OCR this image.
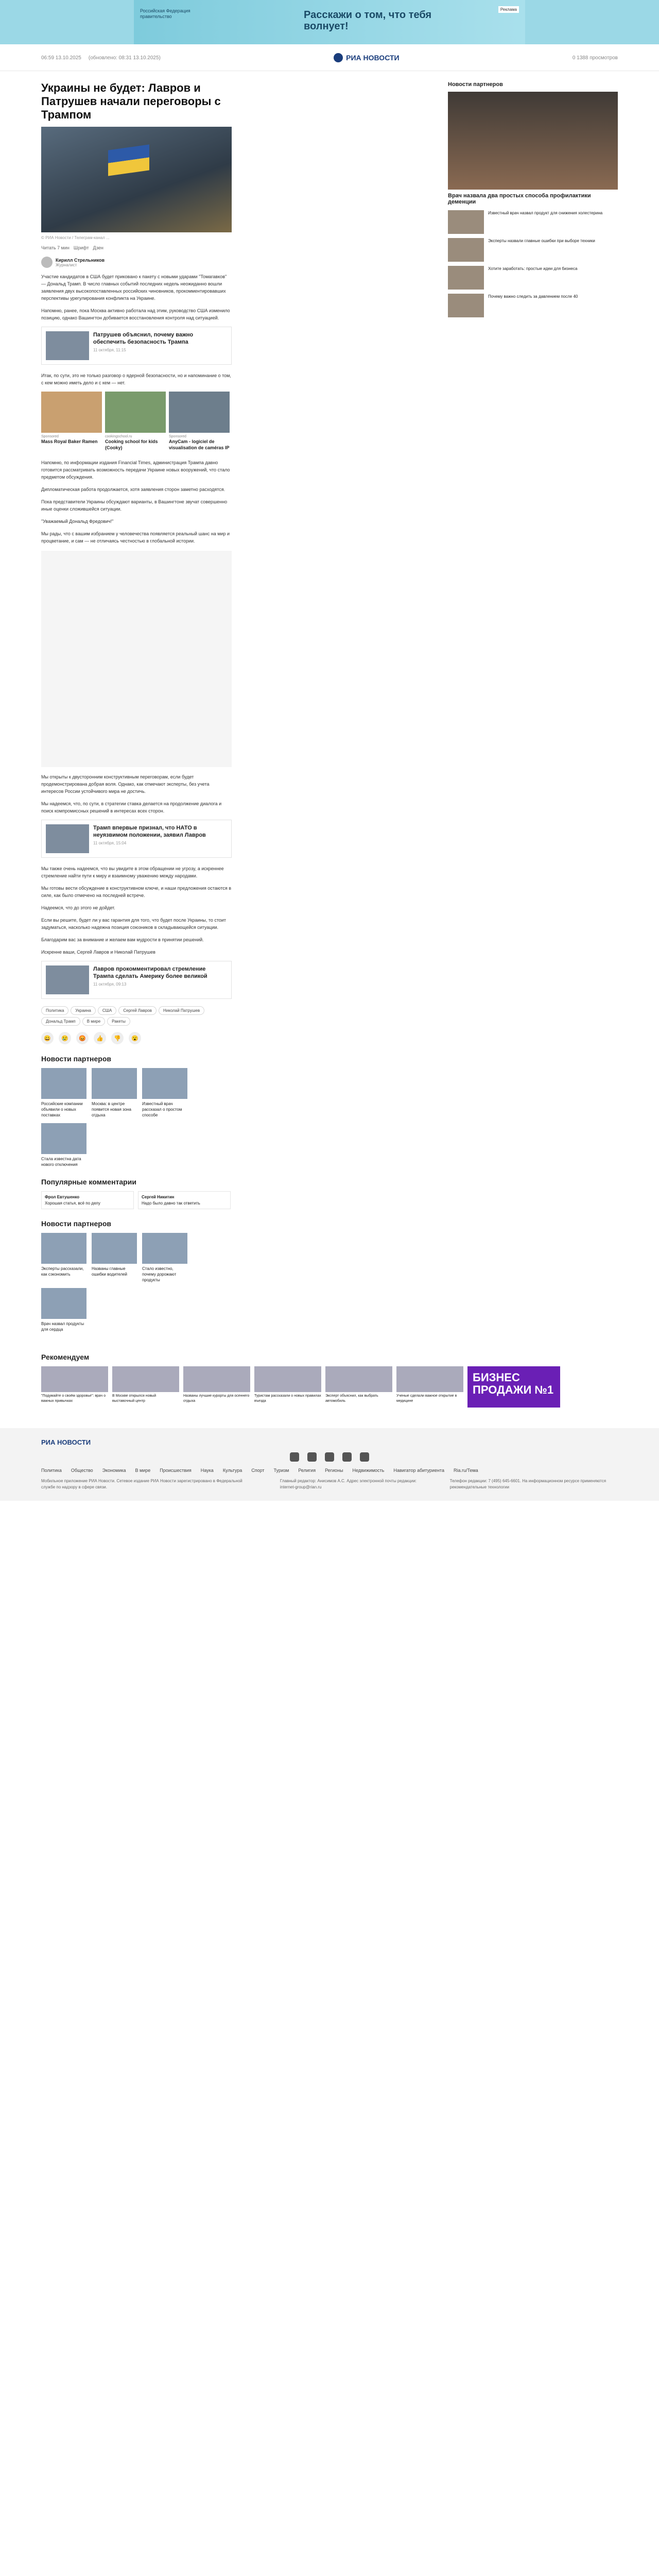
Российская Федерация правительство	Расскажи о том, что тебя волнует!
Реклама
06:59 13.10.2025 (обновлено: 08:31 13.10.2025)	РИА НОВОСТИ	0 1388 просмотров
Украины не будет: Лавров и Патрушев начали переговоры с Трампом
© РИА Новости / Телеграм-канал ...
Читать 7 мин Шрифт Дзен
Кирилл Стрельников
Журналист

Участие кандидатов в США будет приковано к пакету с новыми ударами "Томагавков" — Дональд Трамп. В число главных событий последних недель неожиданно вошли заявления двух высокопоставленных российских чиновников, прокомментировавших перспективы урегулирования конфликта на Украине.

Напомню, ранее, пока Москва активно работала над этим, руководство США изменило позицию, однако Вашингтон добивается восстановления контроля над ситуацией.

Патрушев объяснил, почему важно обеспечить безопасность Трампа
11 октября, 11:15

Итак, по сути, это не только разговор о ядерной безопасности, но и напоминание о том, с кем можно иметь дело и с кем — нет.

Sponsored
Mass Royal Baker Ramen
cookingschool.ru
Cooking school for kids (Cooky)
Sponsored
AnyCam - logiciel de visualisation de caméras IP

Напомню, по информации издания Financial Times, администрация Трампа давно готовится рассматривать возможность передачи Украине новых вооружений, что стало предметом обсуждения.

Дипломатическая работа продолжается, хотя заявления сторон заметно расходятся.

Пока представители Украины обсуждают варианты, в Вашингтоне звучат совершенно иные оценки сложившейся ситуации.

"Уважаемый Дональд Фредович!"

Мы рады, что с вашим избранием у человечества появляется реальный шанс на мир и процветание, и сам — не отличаясь честностью в глобальной истории.

Мы открыты к двусторонним конструктивным переговорам, если будет продемонстрирована добрая воля. Однако, как отмечают эксперты, без учета интересов России устойчивого мира не достичь.

Мы надеемся, что, по сути, в стратегии ставка делается на продолжение диалога и поиск компромиссных решений в интересах всех сторон.

Трамп впервые признал, что НАТО в неуязвимом положении, заявил Лавров
11 октября, 15:04

Мы также очень надеемся, что вы увидите в этом обращении не угрозу, а искреннее стремление найти пути к миру и взаимному уважению между народами.

Мы готовы вести обсуждение в конструктивном ключе, и наши предложения остаются в силе, как было отмечено на последней встрече.

Надеемся, что до этого не дойдет.

Если вы решите, будет ли у вас гарантия для того, что будет после Украины, то стоит задуматься, насколько надежна позиция союзников в складывающейся ситуации.

Благодарим вас за внимание и желаем вам мудрости в принятии решений.

Искренне ваши, Сергей Лавров и Николай Патрушев

Лавров прокомментировал стремление Трампа сделать Америку более великой
11 октября, 09:13
Политика	Украина	США	Сергей Лавров	Николай Патрушев
Дональд Трамп	В мире	Ракеты
😀	😢	😡	👍	👎	😮
Новости партнеров
Российские компании объявили о новых поставках
Москва: в центре появится новая зона отдыха
Известный врач рассказал о простом способе
Стала известна дата нового отключения
Популярные комментарии
Фрол Евтушенко
Хорошая статья, всё по делу
Сергей Никитин
Надо было давно так ответить
Новости партнеров
Эксперты рассказали, как сэкономить
Названы главные ошибки водителей
Стало известно, почему дорожают продукты
Врач назвал продукты для сердца
Новости партнеров
Врач назвала два простых способа профилактики деменции
Известный врач назвал продукт для снижения холестерина
Эксперты назвали главные ошибки при выборе техники
Хотите заработать: простые идеи для бизнеса
Почему важно следить за давлением после 40
Рекомендуем
"Подумайте о своём здоровье": врач о важных привычках
В Москве открылся новый выставочный центр
Названы лучшие курорты для осеннего отдыха
Туристам рассказали о новых правилах въезда
Эксперт объяснил, как выбрать автомобиль
Ученые сделали важное открытие в медицине
БИЗНЕС ПРОДАЖИ №1
РИА НОВОСТИ
Политика Общество Экономика В мире Происшествия Наука Культура Спорт Туризм Религия Регионы Недвижимость Навигатор абитуриента Ria.ru/Тема
Мобильное приложение РИА Новости. Сетевое издание РИА Новости зарегистрировано в Федеральной службе по надзору в сфере связи.
Главный редактор: Анисимов А.С. Адрес электронной почты редакции: internet-group@rian.ru
Телефон редакции: 7 (495) 645-6601. На информационном ресурсе применяются рекомендательные технологии
